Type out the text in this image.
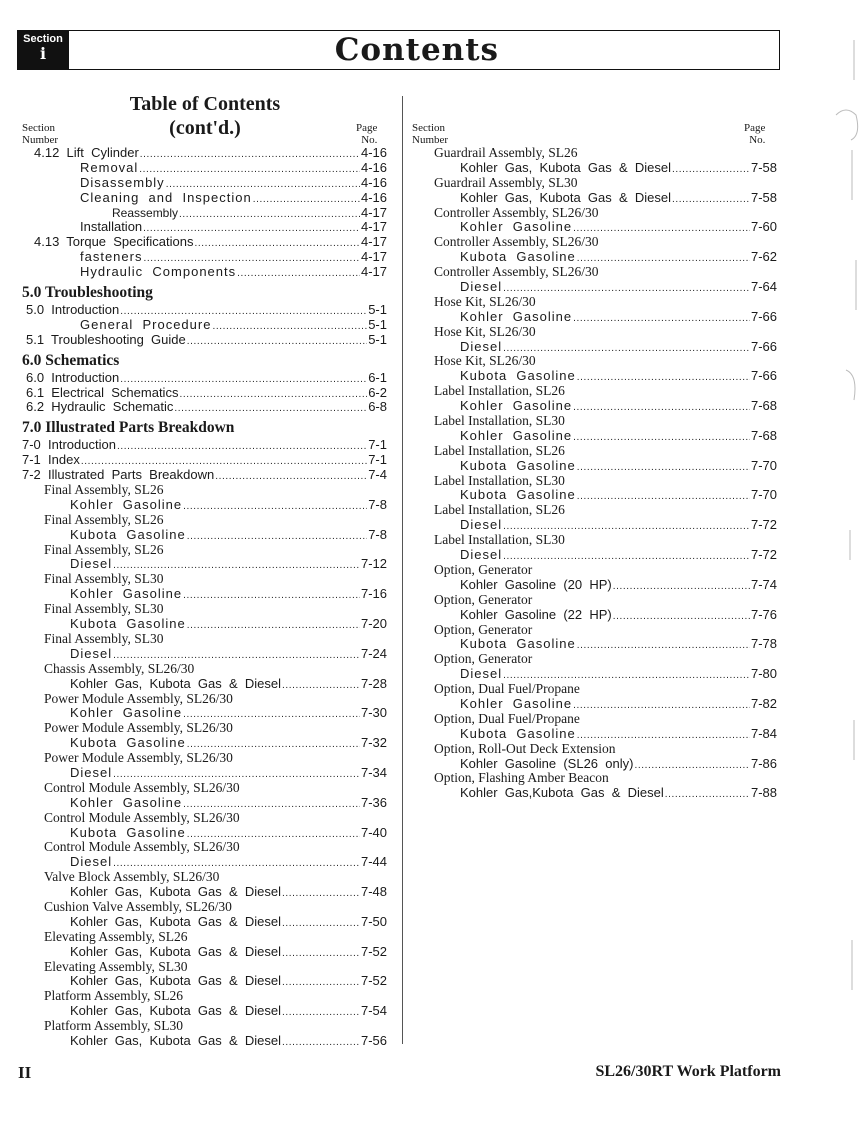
Section
i	Contents
Table of Contents
(cont'd.)
Section
Number
Page
No.
Section
Number
Page
No.
4.12  Lift  Cylinder .....	4-16
Removal .....	4-16
Disassembly .....	4-16
Cleaning  and  Inspection .....	4-16
Reassembly .....	4-17
Installation .....	4-17
4.13  Torque  Specifications .....	4-17
fasteners .....	4-17
Hydraulic  Components .....	4-17
5.0 Troubleshooting
5.0  Introduction .....	5-1
General  Procedure .....	5-1
5.1  Troubleshooting  Guide .....	5-1
6.0 Schematics
6.0  Introduction .....	6-1
6.1  Electrical  Schematics .....	6-2
6.2  Hydraulic  Schematic .....	6-8
7.0 Illustrated Parts Breakdown
7-0  Introduction .....	7-1
7-1  Index .....	7-1
7-2  Illustrated  Parts  Breakdown .....	7-4
Final Assembly, SL26
Kohler  Gasoline .....	7-8
Final Assembly, SL26
Kubota  Gasoline .....	7-8
Final Assembly, SL26
Diesel .....	7-12
Final Assembly, SL30
Kohler  Gasoline .....	7-16
Final Assembly, SL30
Kubota  Gasoline .....	7-20
Final Assembly, SL30
Diesel .....	7-24
Chassis Assembly, SL26/30
Kohler  Gas,  Kubota  Gas  &  Diesel .....	7-28
Power Module Assembly, SL26/30
Kohler  Gasoline .....	7-30
Power Module Assembly, SL26/30
Kubota  Gasoline .....	7-32
Power Module Assembly, SL26/30
Diesel .....	7-34
Control Module Assembly, SL26/30
Kohler  Gasoline .....	7-36
Control Module Assembly, SL26/30
Kubota  Gasoline .....	7-40
Control Module Assembly, SL26/30
Diesel .....	7-44
Valve Block Assembly, SL26/30
Kohler  Gas,  Kubota  Gas  &  Diesel .....	7-48
Cushion Valve Assembly, SL26/30
Kohler  Gas,  Kubota  Gas  &  Diesel .....	7-50
Elevating Assembly, SL26
Kohler  Gas,  Kubota  Gas  &  Diesel .....	7-52
Elevating Assembly, SL30
Kohler  Gas,  Kubota  Gas  &  Diesel .....	7-52
Platform Assembly, SL26
Kohler  Gas,  Kubota  Gas  &  Diesel .....	7-54
Platform Assembly, SL30
Kohler  Gas,  Kubota  Gas  &  Diesel .....	7-56
Guardrail Assembly, SL26
Kohler  Gas,  Kubota  Gas  &  Diesel .....	7-58
Guardrail Assembly, SL30
Kohler  Gas,  Kubota  Gas  &  Diesel .....	7-58
Controller Assembly, SL26/30
Kohler  Gasoline .....	7-60
Controller Assembly, SL26/30
Kubota  Gasoline .....	7-62
Controller Assembly, SL26/30
Diesel .....	7-64
Hose Kit, SL26/30
Kohler  Gasoline .....	7-66
Hose Kit, SL26/30
Diesel .....	7-66
Hose Kit, SL26/30
Kubota  Gasoline .....	7-66
Label Installation, SL26
Kohler  Gasoline .....	7-68
Label Installation, SL30
Kohler  Gasoline .....	7-68
Label Installation, SL26
Kubota  Gasoline .....	7-70
Label Installation, SL30
Kubota  Gasoline .....	7-70
Label Installation, SL26
Diesel .....	7-72
Label Installation, SL30
Diesel .....	7-72
Option, Generator
Kohler  Gasoline  (20  HP) .....	7-74
Option, Generator
Kohler  Gasoline  (22  HP) .....	7-76
Option, Generator
Kubota  Gasoline .....	7-78
Option, Generator
Diesel .....	7-80
Option, Dual Fuel/Propane
Kohler  Gasoline .....	7-82
Option, Dual Fuel/Propane
Kubota  Gasoline .....	7-84
Option, Roll-Out Deck Extension
Kohler  Gasoline  (SL26  only) .....	7-86
Option, Flashing Amber Beacon
Kohler  Gas,Kubota  Gas  &  Diesel .....	7-88
II	SL26/30RT Work Platform
